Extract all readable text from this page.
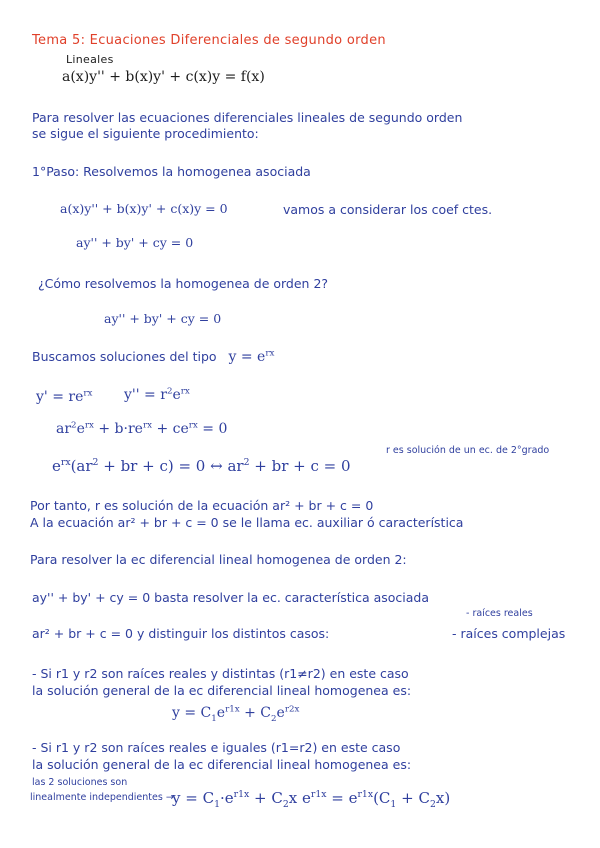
Tema 5: Ecuaciones Diferenciales de segundo orden
Lineales
a(x)y'' + b(x)y' + c(x)y = f(x)
Para resolver las ecuaciones diferenciales lineales de segundo orden
se sigue el siguiente procedimiento:
1°Paso: Resolvemos la homogenea asociada
a(x)y'' + b(x)y' + c(x)y = 0	vamos a considerar los coef ctes.
ay'' + by' + cy = 0
¿Cómo resolvemos la homogenea de orden 2?
ay'' + by' + cy = 0
Buscamos soluciones del tipo $y = e^{rx}$
$y' = re^{rx}$ $y'' = r^2e^{rx}$
$ar^2e^{rx} + b\cdot re^{rx} + ce^{rx} = 0$
$e^{rx}(ar^2$ + br + c) = 0 ↔ $ar^2$ + br + c = 0
r es solución de un ec. de 2°grado
Por tanto, r es solución de la ecuación ar² + br + c = 0
A la ecuación ar² + br + c = 0 se le llama ec. auxiliar ó característica
Para resolver la ec diferencial lineal homogenea de orden 2:
ay'' + by' + cy = 0 basta resolver la ec. característica asociada
- raíces reales
ar² + br + c = 0 y distinguir los distintos casos:	- raíces complejas
- Si r1 y r2 son raíces reales y distintas (r1≠r2) en este caso
la solución general de la ec diferencial lineal homogenea es:
$y = C_1e^{r1x} + C_2e^{r2x}$
- Si r1 y r2 son raíces reales e iguales (r1=r2) en este caso
la solución general de la ec diferencial lineal homogenea es:
las 2 soluciones son
linealmente independientes →
$y = C_1\cdot e^{r1x} + C_2x$ $e^{r1x} = e^{r1x}(C_1 + C_2x)$
